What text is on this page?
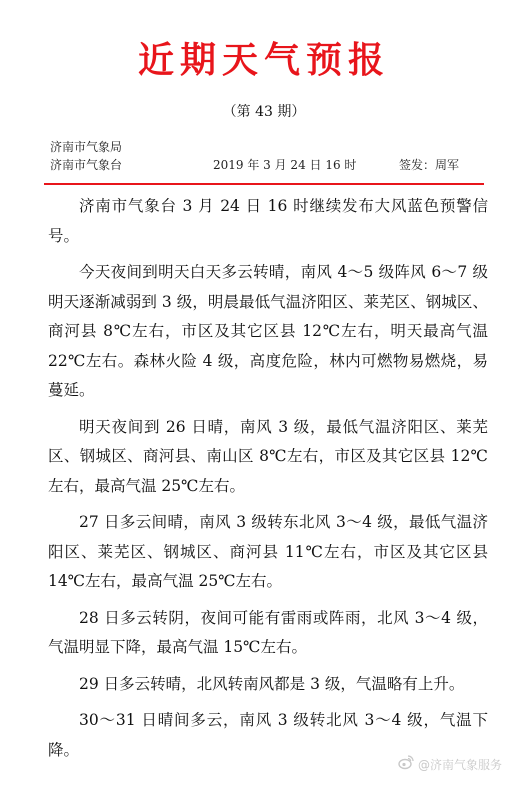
近期天气预报
（第 43 期）
济南市气象局
济南市气象台	2019 年 3 月 24 日 16 时	签发：周军

济南市气象台 3 月 24 日 16 时继续发布大风蓝色预警信号。

今天夜间到明天白天多云转晴，南风 4～5 级阵风 6～7 级明天逐渐减弱到 3 级，明晨最低气温济阳区、莱芜区、钢城区、商河县 8℃左右，市区及其它区县 12℃左右，明天最高气温 22℃左右。森林火险 4 级，高度危险，林内可燃物易燃烧，易蔓延。

明天夜间到 26 日晴，南风 3 级，最低气温济阳区、莱芜区、钢城区、商河县、南山区 8℃左右，市区及其它区县 12℃左右，最高气温 25℃左右。

27 日多云间晴，南风 3 级转东北风 3～4 级，最低气温济阳区、莱芜区、钢城区、商河县 11℃左右，市区及其它区县 14℃左右，最高气温 25℃左右。

28 日多云转阴，夜间可能有雷雨或阵雨，北风 3～4 级，气温明显下降，最高气温 15℃左右。

29 日多云转晴，北风转南风都是 3 级，气温略有上升。

30～31 日晴间多云，南风 3 级转北风 3～4 级，气温下降。

@济南气象服务
